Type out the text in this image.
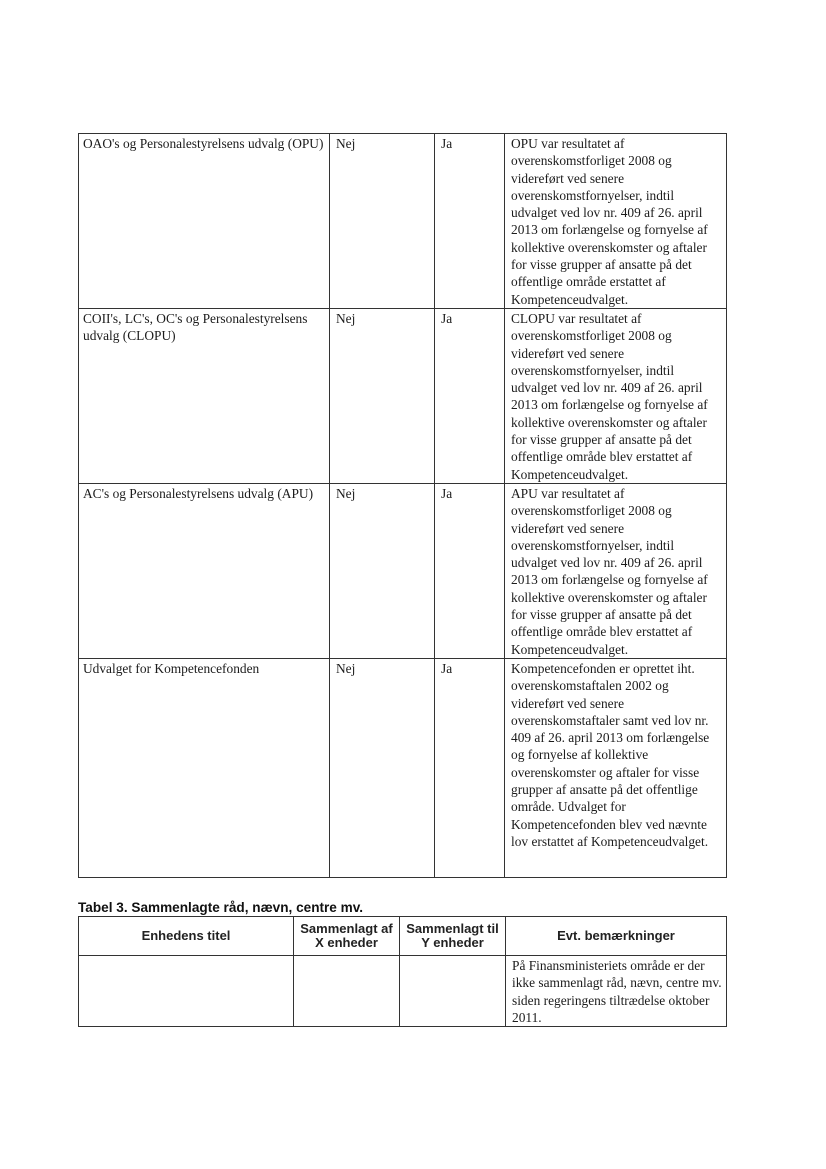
OAO's og Personalestyrelsens udvalg (OPU)	Nej	Ja	OPU var resultatet af overenskomstforliget 2008 og videreført ved senere overenskomstfornyelser, indtil udvalget ved lov nr. 409 af 26. april 2013 om forlængelse og fornyelse af kollektive overenskomster og aftaler for visse grupper af ansatte på det offentlige område erstattet af Kompetenceudvalget.
COII's, LC's, OC's og Personalestyrelsens udvalg (CLOPU)	Nej	Ja	CLOPU var resultatet af overenskomstforliget 2008 og videreført ved senere overenskomstfornyelser, indtil udvalget ved lov nr. 409 af 26. april 2013 om forlængelse og fornyelse af kollektive overenskomster og aftaler for visse grupper af ansatte på det offentlige område blev erstattet af Kompetenceudvalget.
AC's og Personalestyrelsens udvalg (APU)	Nej	Ja	APU var resultatet af overenskomstforliget 2008 og videreført ved senere overenskomstfornyelser, indtil udvalget ved lov nr. 409 af 26. april 2013 om forlængelse og fornyelse af kollektive overenskomster og aftaler for visse grupper af ansatte på det offentlige område blev erstattet af Kompetenceudvalget.
Udvalget for Kompetencefonden	Nej	Ja	Kompetencefonden er oprettet iht. overenskomstaftalen 2002 og videreført ved senere overenskomstaftaler samt ved lov nr. 409 af 26. april 2013 om forlængelse og fornyelse af kollektive overenskomster og aftaler for visse grupper af ansatte på det offentlige område. Udvalget for Kompetencefonden blev ved nævnte lov erstattet af Kompetenceudvalget.
Tabel 3. Sammenlagte råd, nævn, centre mv.
Enhedens titel	Sammenlagt af X enheder	Sammenlagt til Y enheder	Evt. bemærkninger
			På Finansministeriets område er der ikke sammenlagt råd, nævn, centre mv. siden regeringens tiltrædelse oktober 2011.
